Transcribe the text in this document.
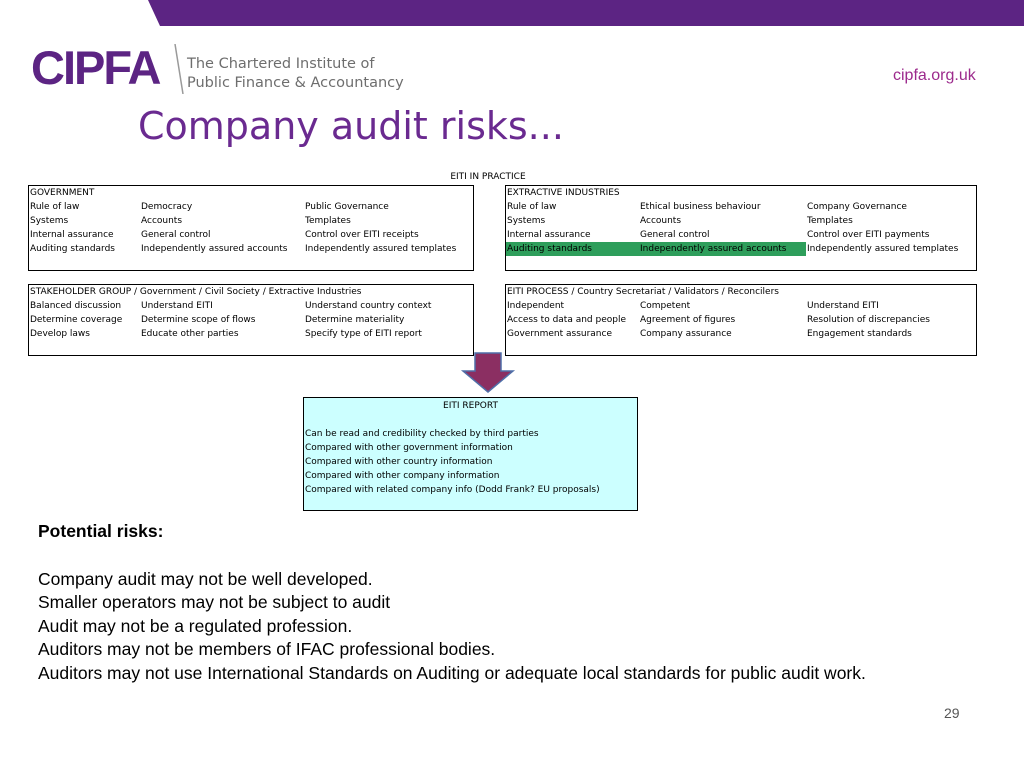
CIPFA The Chartered Institute of
Public Finance & Accountancy	cipfa.org.uk
Company audit risks...
EITI IN PRACTICE
GOVERNMENT
Rule of law	Democracy	Public Governance
Systems	Accounts	Templates
Internal assurance	General control	Control over EITI receipts
Auditing standards	Independently assured accounts	Independently assured templates
EXTRACTIVE INDUSTRIES
Rule of law	Ethical business behaviour	Company Governance
Systems	Accounts	Templates
Internal assurance	General control	Control over EITI payments
Auditing standards	Independently assured accounts	Independently assured templates
STAKEHOLDER GROUP / Government / Civil Society / Extractive Industries
Balanced discussion	Understand EITI	Understand country context
Determine coverage	Determine scope of flows	Determine materiality
Develop laws	Educate other parties	Specify type of EITI report
EITI PROCESS / Country Secretariat / Validators / Reconcilers
Independent	Competent	Understand EITI
Access to data and people	Agreement of figures	Resolution of discrepancies
Government assurance	Company assurance	Engagement standards
EITI REPORT
Can be read and credibility checked by third parties
Compared with other government information
Compared with other country information
Compared with other company information
Compared with related company info (Dodd Frank? EU proposals)
Potential risks:
Company audit may not be well developed.
Smaller operators may not be subject to audit
Audit may not be a regulated profession.
Auditors may not be members of IFAC professional bodies.
Auditors may not use International Standards on Auditing or adequate local standards for public audit work.
29
